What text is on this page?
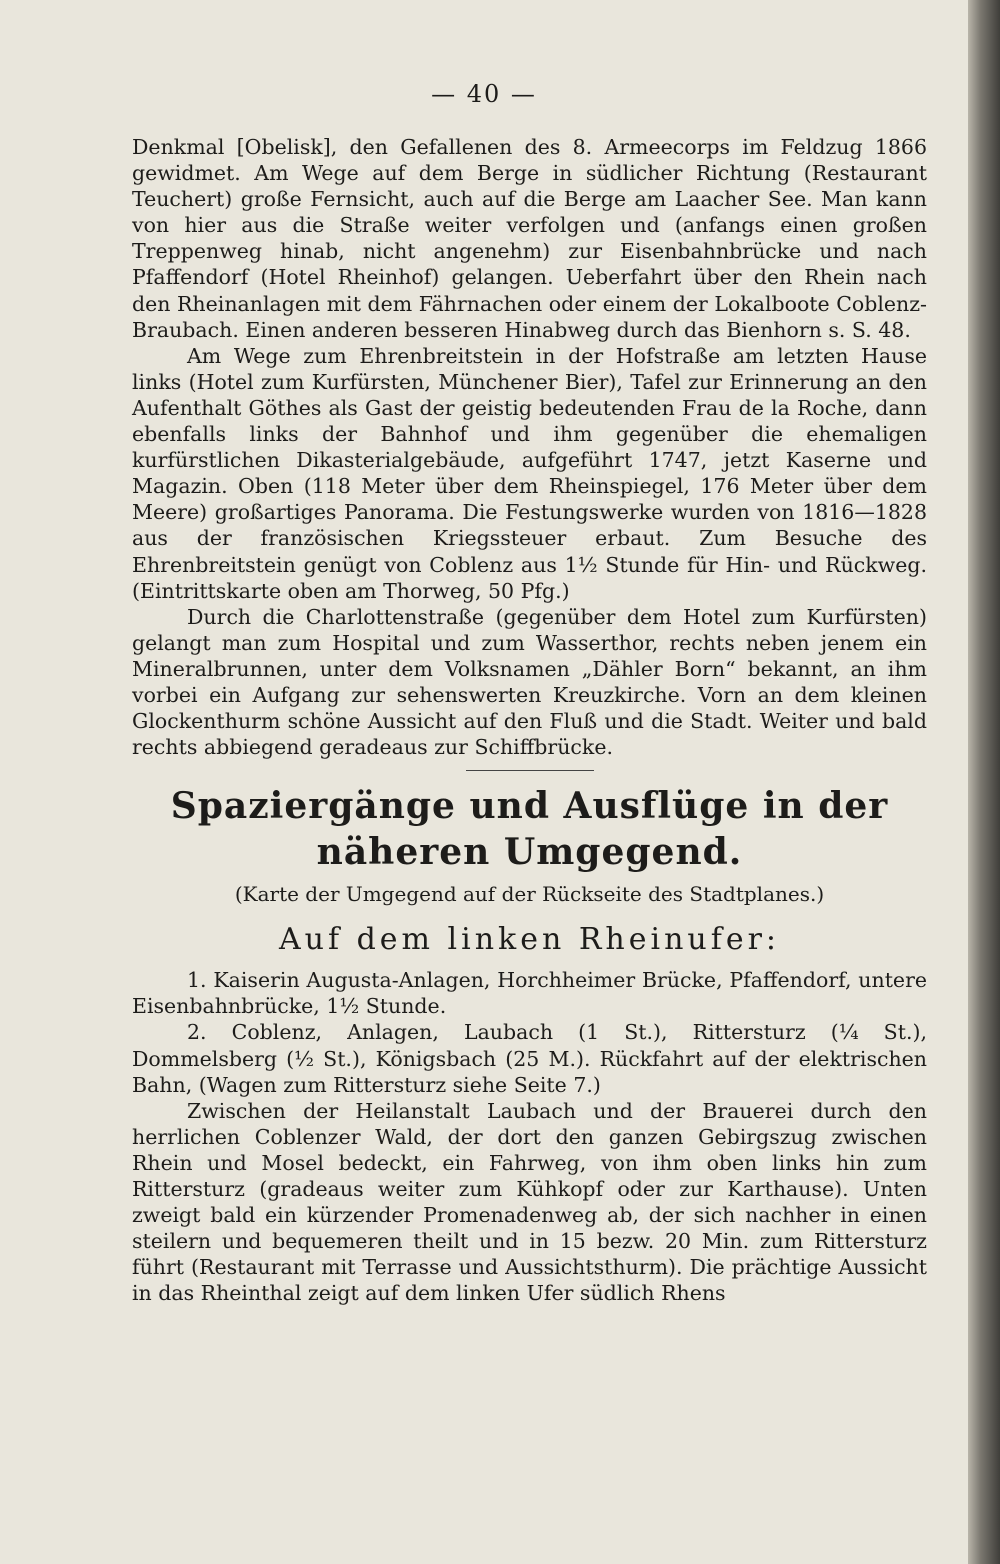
— 40 —

Denkmal [Obelisk], den Gefallenen des 8. Armeecorps im Feldzug 1866 gewidmet. Am Wege auf dem Berge in südlicher Richtung (Restaurant Teuchert) große Fernsicht, auch auf die Berge am Laacher See. Man kann von hier aus die Straße weiter verfolgen und (anfangs einen großen Treppenweg hinab, nicht angenehm) zur Eisenbahnbrücke und nach Pfaffendorf (Hotel Rheinhof) gelangen. Ueberfahrt über den Rhein nach den Rheinanlagen mit dem Fährnachen oder einem der Lokalboote Coblenz-Braubach. Einen anderen besseren Hinabweg durch das Bienhorn s. S. 48.

Am Wege zum Ehrenbreitstein in der Hofstraße am letzten Hause links (Hotel zum Kurfürsten, Münchener Bier), Tafel zur Erinnerung an den Aufenthalt Göthes als Gast der geistig bedeutenden Frau de la Roche, dann ebenfalls links der Bahnhof und ihm gegenüber die ehemaligen kurfürstlichen Dikasterialgebäude, aufgeführt 1747, jetzt Kaserne und Magazin. Oben (118 Meter über dem Rheinspiegel, 176 Meter über dem Meere) großartiges Panorama. Die Festungswerke wurden von 1816—1828 aus der französischen Kriegssteuer erbaut. Zum Besuche des Ehrenbreitstein genügt von Coblenz aus 1½ Stunde für Hin- und Rückweg. (Eintrittskarte oben am Thorweg, 50 Pfg.)

Durch die Charlottenstraße (gegenüber dem Hotel zum Kurfürsten) gelangt man zum Hospital und zum Wasserthor, rechts neben jenem ein Mineralbrunnen, unter dem Volksnamen „Dähler Born“ bekannt, an ihm vorbei ein Aufgang zur sehenswerten Kreuzkirche. Vorn an dem kleinen Glockenthurm schöne Aussicht auf den Fluß und die Stadt. Weiter und bald rechts abbiegend geradeaus zur Schiffbrücke.

Spaziergänge und Ausflüge in der näheren Umgegend.
(Karte der Umgegend auf der Rückseite des Stadtplanes.)
Auf dem linken Rheinufer:

1. Kaiserin Augusta-Anlagen, Horchheimer Brücke, Pfaffendorf, untere Eisenbahnbrücke, 1½ Stunde.

2. Coblenz, Anlagen, Laubach (1 St.), Rittersturz (¼ St.), Dommelsberg (½ St.), Königsbach (25 M.). Rückfahrt auf der elektrischen Bahn, (Wagen zum Rittersturz siehe Seite 7.)

Zwischen der Heilanstalt Laubach und der Brauerei durch den herrlichen Coblenzer Wald, der dort den ganzen Gebirgszug zwischen Rhein und Mosel bedeckt, ein Fahrweg, von ihm oben links hin zum Rittersturz (gradeaus weiter zum Kühkopf oder zur Karthause). Unten zweigt bald ein kürzender Promenadenweg ab, der sich nachher in einen steilern und bequemeren theilt und in 15 bezw. 20 Min. zum Rittersturz führt (Restaurant mit Terrasse und Aussichtsthurm). Die prächtige Aussicht in das Rheinthal zeigt auf dem linken Ufer südlich Rhens
